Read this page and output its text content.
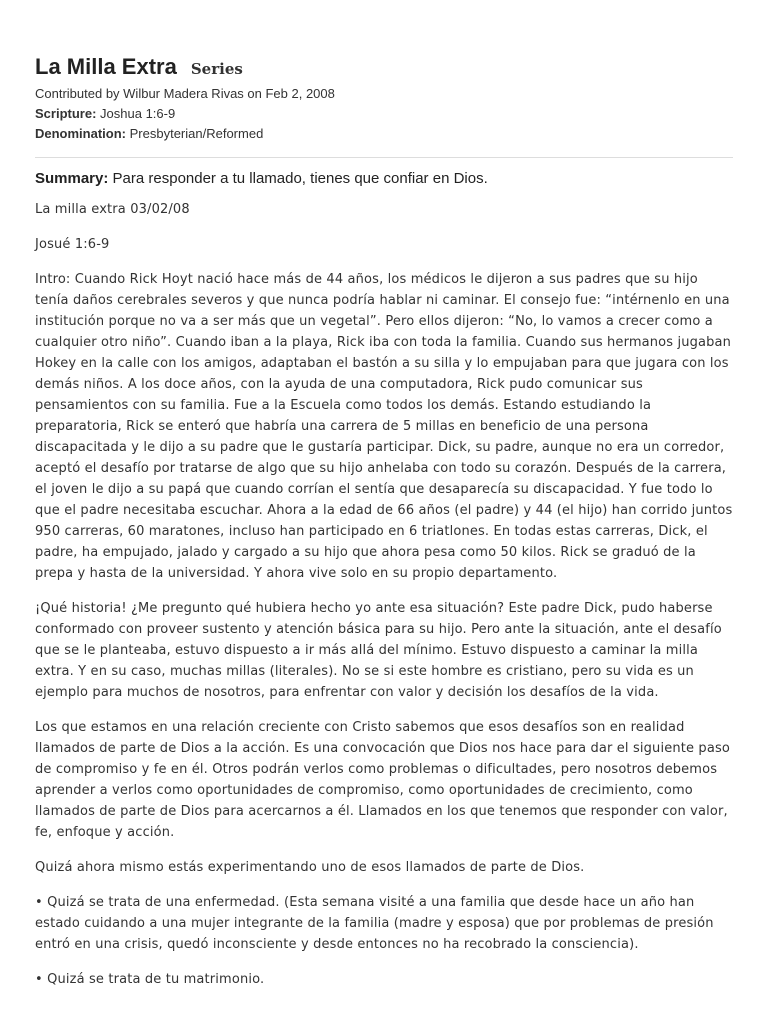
La Milla Extra Series
Contributed by Wilbur Madera Rivas on Feb 2, 2008
Scripture: Joshua 1:6-9
Denomination: Presbyterian/Reformed
Summary: Para responder a tu llamado, tienes que confiar en Dios.

La milla extra 03/02/08

Josué 1:6-9

Intro: Cuando Rick Hoyt nació hace más de 44 años, los médicos le dijeron a sus padres que su hijo tenía daños cerebrales severos y que nunca podría hablar ni caminar. El consejo fue: “intérnenlo en una institución porque no va a ser más que un vegetal”. Pero ellos dijeron: “No, lo vamos a crecer como a cualquier otro niño”. Cuando iban a la playa, Rick iba con toda la familia. Cuando sus hermanos jugaban Hokey en la calle con los amigos, adaptaban el bastón a su silla y lo empujaban para que jugara con los demás niños. A los doce años, con la ayuda de una computadora, Rick pudo comunicar sus pensamientos con su familia. Fue a la Escuela como todos los demás. Estando estudiando la preparatoria, Rick se enteró que habría una carrera de 5 millas en beneficio de una persona discapacitada y le dijo a su padre que le gustaría participar. Dick, su padre, aunque no era un corredor, aceptó el desafío por tratarse de algo que su hijo anhelaba con todo su corazón. Después de la carrera, el joven le dijo a su papá que cuando corrían el sentía que desaparecía su discapacidad. Y fue todo lo que el padre necesitaba escuchar. Ahora a la edad de 66 años (el padre) y 44 (el hijo) han corrido juntos 950 carreras, 60 maratones, incluso han participado en 6 triatlones. En todas estas carreras, Dick, el padre, ha empujado, jalado y cargado a su hijo que ahora pesa como 50 kilos. Rick se graduó de la prepa y hasta de la universidad. Y ahora vive solo en su propio departamento.

¡Qué historia! ¿Me pregunto qué hubiera hecho yo ante esa situación? Este padre Dick, pudo haberse conformado con proveer sustento y atención básica para su hijo. Pero ante la situación, ante el desafío que se le planteaba, estuvo dispuesto a ir más allá del mínimo. Estuvo dispuesto a caminar la milla extra. Y en su caso, muchas millas (literales). No se si este hombre es cristiano, pero su vida es un ejemplo para muchos de nosotros, para enfrentar con valor y decisión los desafíos de la vida.

Los que estamos en una relación creciente con Cristo sabemos que esos desafíos son en realidad llamados de parte de Dios a la acción. Es una convocación que Dios nos hace para dar el siguiente paso de compromiso y fe en él. Otros podrán verlos como problemas o dificultades, pero nosotros debemos aprender a verlos como oportunidades de compromiso, como oportunidades de crecimiento, como llamados de parte de Dios para acercarnos a él. Llamados en los que tenemos que responder con valor, fe, enfoque y acción.

Quizá ahora mismo estás experimentando uno de esos llamados de parte de Dios.

• Quizá se trata de una enfermedad. (Esta semana visité a una familia que desde hace un año han estado cuidando a una mujer integrante de la familia (madre y esposa) que por problemas de presión entró en una crisis, quedó inconsciente y desde entonces no ha recobrado la consciencia).

• Quizá se trata de tu matrimonio.
